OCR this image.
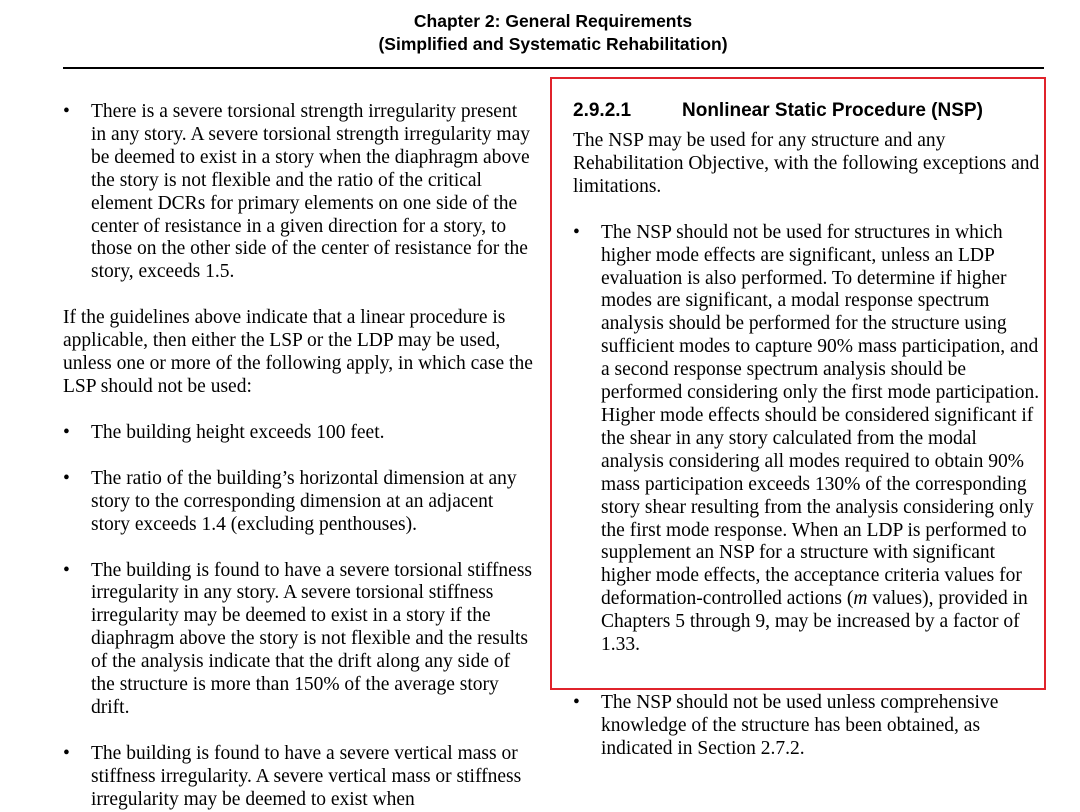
Chapter 2: General Requirements
(Simplified and Systematic Rehabilitation)
• There is a severe torsional strength irregularity present in any story. A severe torsional strength irregularity may be deemed to exist in a story when the diaphragm above the story is not flexible and the ratio of the critical element DCRs for primary elements on one side of the center of resistance in a given direction for a story, to those on the other side of the center of resistance for the story, exceeds 1.5.

If the guidelines above indicate that a linear procedure is applicable, then either the LSP or the LDP may be used, unless one or more of the following apply, in which case the LSP should not be used:

• The building height exceeds 100 feet.

• The ratio of the building’s horizontal dimension at any story to the corresponding dimension at an adjacent story exceeds 1.4 (excluding penthouses).

• The building is found to have a severe torsional stiffness irregularity in any story. A severe torsional stiffness irregularity may be deemed to exist in a story if the diaphragm above the story is not flexible and the results of the analysis indicate that the drift along any side of the structure is more than 150% of the average story drift.

• The building is found to have a severe vertical mass or stiffness irregularity. A severe vertical mass or stiffness irregularity may be deemed to exist when

2.9.2.1	Nonlinear Static Procedure (NSP)

The NSP may be used for any structure and any Rehabilitation Objective, with the following exceptions and limitations.

• The NSP should not be used for structures in which higher mode effects are significant, unless an LDP evaluation is also performed. To determine if higher modes are significant, a modal response spectrum analysis should be performed for the structure using sufficient modes to capture 90% mass participation, and a second response spectrum analysis should be performed considering only the first mode participation. Higher mode effects should be considered significant if the shear in any story calculated from the modal analysis considering all modes required to obtain 90% mass participation exceeds 130% of the corresponding story shear resulting from the analysis considering only the first mode response. When an LDP is performed to supplement an NSP for a structure with significant higher mode effects, the acceptance criteria values for deformation-controlled actions (m values), provided in Chapters 5 through 9, may be increased by a factor of 1.33.

• The NSP should not be used unless comprehensive knowledge of the structure has been obtained, as indicated in Section 2.7.2.
